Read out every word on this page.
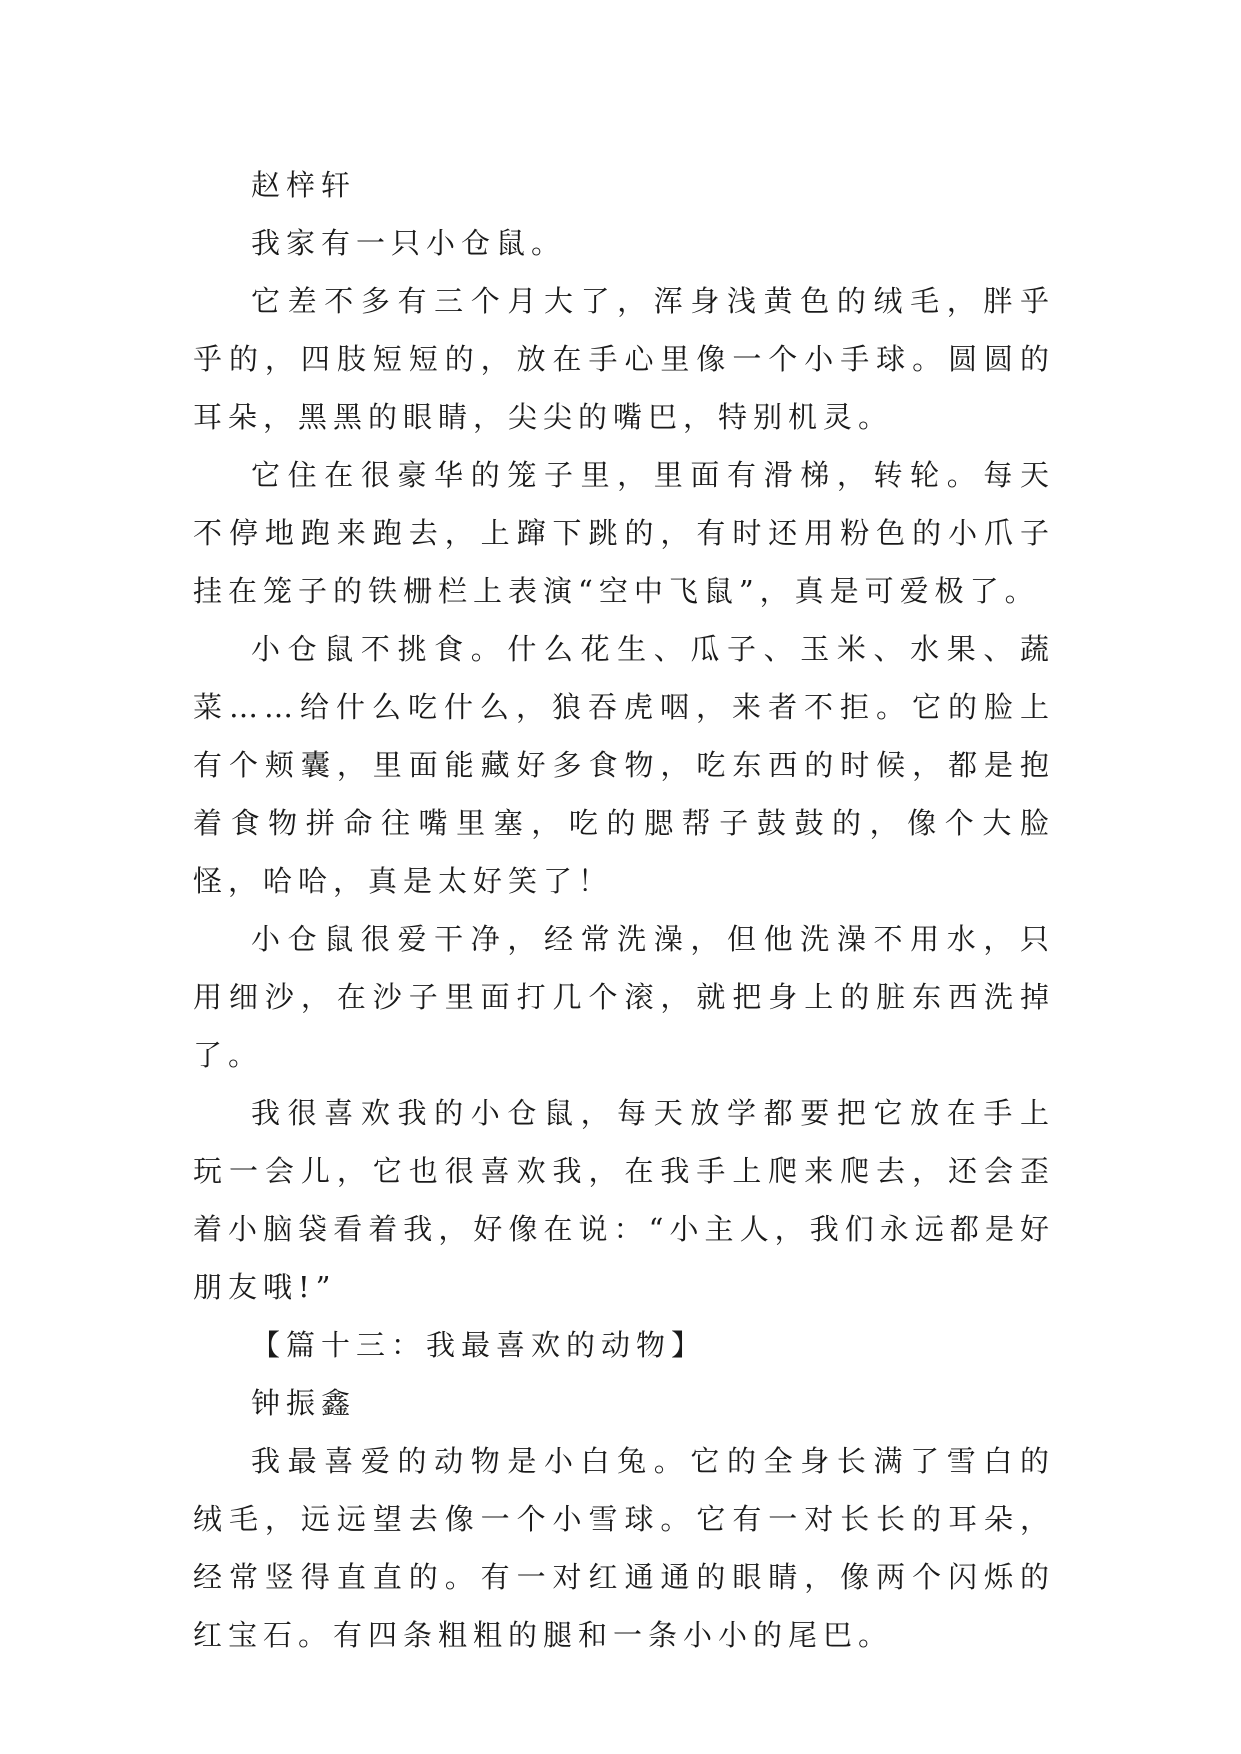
赵梓轩

我家有一只小仓鼠。

它差不多有三个月大了，浑身浅黄色的绒毛，胖乎乎的，四肢短短的，放在手心里像一个小手球。圆圆的耳朵，黑黑的眼睛，尖尖的嘴巴，特别机灵。

它住在很豪华的笼子里，里面有滑梯，转轮。每天不停地跑来跑去，上蹿下跳的，有时还用粉色的小爪子挂在笼子的铁栅栏上表演“空中飞鼠”，真是可爱极了。

小仓鼠不挑食。什么花生、瓜子、玉米、水果、蔬菜……给什么吃什么，狼吞虎咽，来者不拒。它的脸上有个颊囊，里面能藏好多食物，吃东西的时候，都是抱着食物拼命往嘴里塞，吃的腮帮子鼓鼓的，像个大脸怪，哈哈，真是太好笑了！

小仓鼠很爱干净，经常洗澡，但他洗澡不用水，只用细沙，在沙子里面打几个滚，就把身上的脏东西洗掉了。

我很喜欢我的小仓鼠，每天放学都要把它放在手上玩一会儿，它也很喜欢我，在我手上爬来爬去，还会歪着小脑袋看着我，好像在说：“小主人，我们永远都是好朋友哦!”

【篇十三：我最喜欢的动物】

钟振鑫

我最喜爱的动物是小白兔。它的全身长满了雪白的绒毛，远远望去像一个小雪球。它有一对长长的耳朵，经常竖得直直的。有一对红通通的眼睛，像两个闪烁的红宝石。有四条粗粗的腿和一条小小的尾巴。
